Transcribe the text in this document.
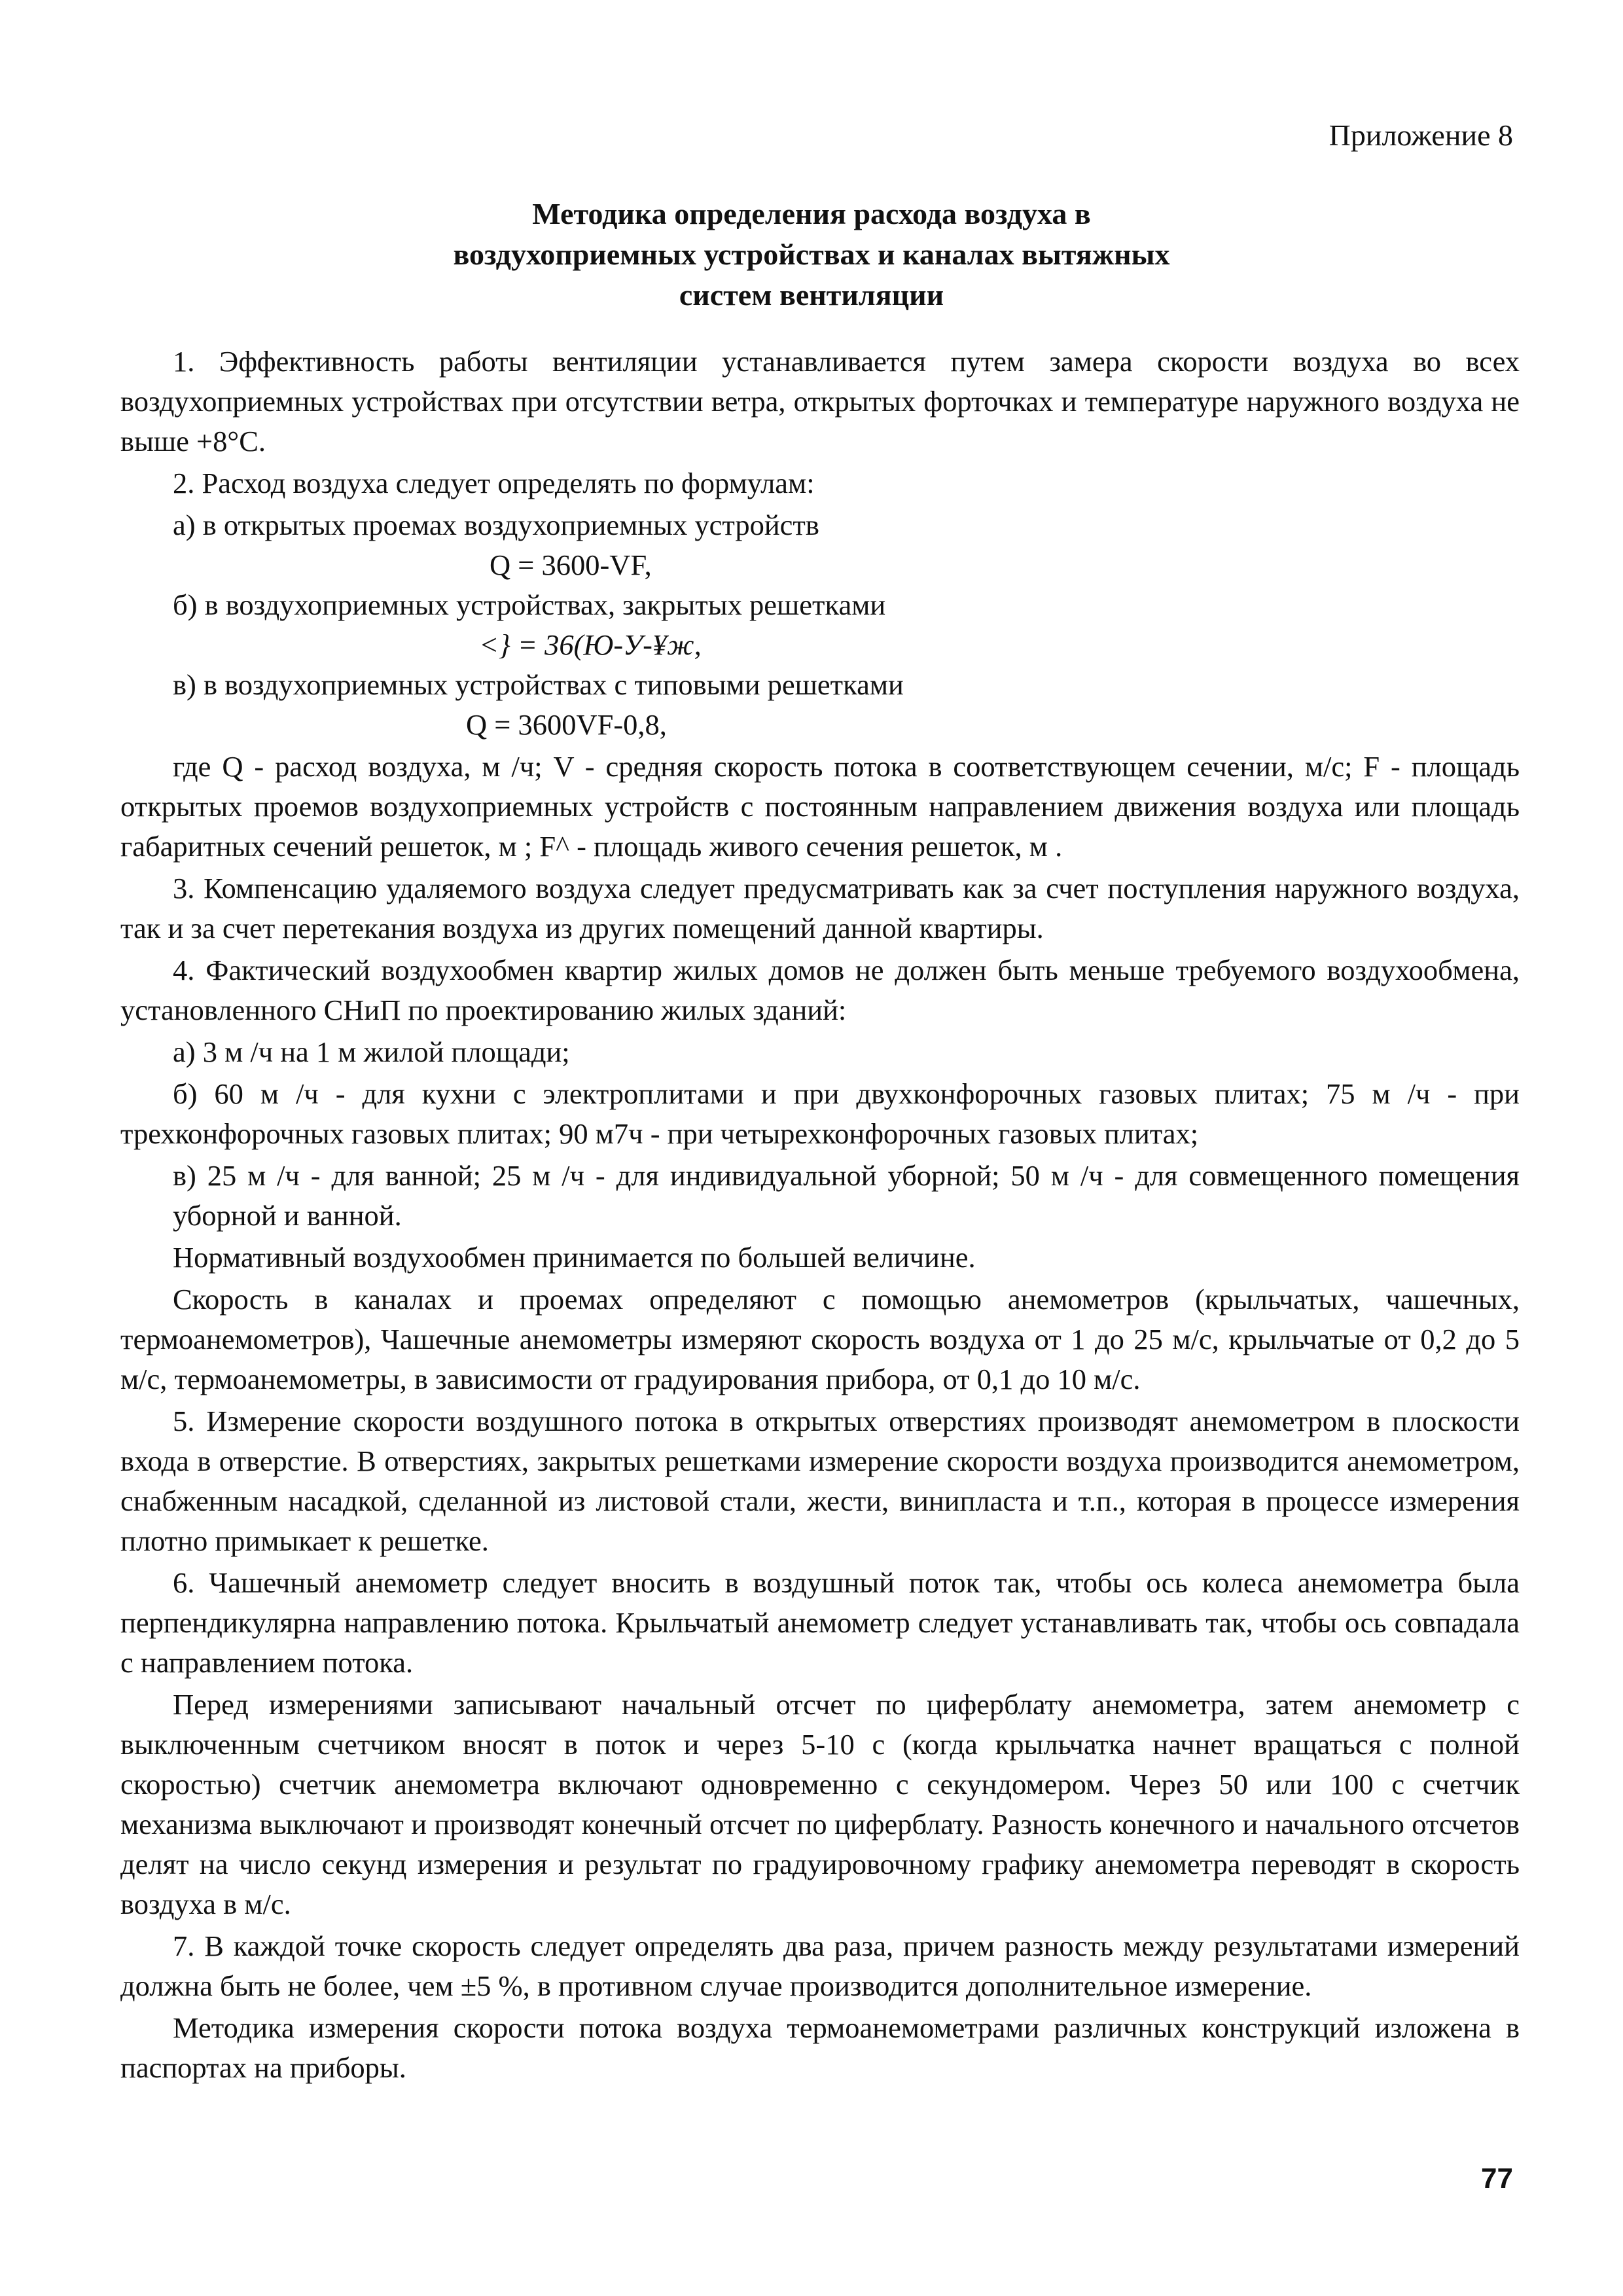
Приложение 8

Методика определения расхода воздуха в
воздухоприемных устройствах и каналах вытяжных
систем вентиляции

1. Эффективность работы вентиляции устанавливается путем замера скорости воздуха во всех воздухоприемных устройствах при отсутствии ветра, открытых форточках и температуре наружного воздуха не выше +8°С.

2. Расход воздуха следует определять по формулам:

а) в открытых проемах воздухоприемных устройств

Q = 3600-VF,

б) в воздухоприемных устройствах, закрытых решетками

<} = 36(Ю-У-¥ж,

в) в воздухоприемных устройствах с типовыми решетками

Q = 3600VF-0,8,

где Q - расход воздуха, м /ч; V - средняя скорость потока в соответствующем сечении, м/с; F - площадь открытых проемов воздухоприемных устройств с постоянным направлением движения воздуха или площадь габаритных сечений решеток, м ; F^ - площадь живого сечения решеток, м .

3. Компенсацию удаляемого воздуха следует предусматривать как за счет поступления наружного воздуха, так и за счет перетекания воздуха из других помещений данной квартиры.

4. Фактический воздухообмен квартир жилых домов не должен быть меньше требуемого воздухообмена, установленного СНиП по проектированию жилых зданий:

а) 3 м /ч на 1 м жилой площади;

б) 60 м /ч - для кухни с электроплитами и при двухконфорочных газовых плитах; 75 м /ч - при трехконфорочных газовых плитах; 90 м7ч - при четырехконфорочных газовых плитах;

в) 25 м /ч - для ванной; 25 м /ч - для индивидуальной уборной; 50 м /ч - для совмещенного помещения уборной и ванной.

Нормативный воздухообмен принимается по большей величине.

Скорость в каналах и проемах определяют с помощью анемометров (крыльчатых, чашечных, термоанемометров), Чашечные анемометры измеряют скорость воздуха от 1 до 25 м/с, крыльчатые от 0,2 до 5 м/с, термоанемометры, в зависимости от градуирования прибора, от 0,1 до 10 м/с.

5. Измерение скорости воздушного потока в открытых отверстиях производят анемометром в плоскости входа в отверстие. В отверстиях, закрытых решетками измерение скорости воздуха производится анемометром, снабженным насадкой, сделанной из листовой стали, жести, винипласта и т.п., которая в процессе измерения плотно примыкает к решетке.

6. Чашечный анемометр следует вносить в воздушный поток так, чтобы ось колеса анемометра была перпендикулярна направлению потока. Крыльчатый анемометр следует устанавливать так, чтобы ось совпадала с направлением потока.

Перед измерениями записывают начальный отсчет по циферблату анемометра, затем анемометр с выключенным счетчиком вносят в поток и через 5-10 с (когда крыльчатка начнет вращаться с полной скоростью) счетчик анемометра включают одновременно с секундомером. Через 50 или 100 с счетчик механизма выключают и производят конечный отсчет по циферблату. Разность конечного и начального отсчетов делят на число секунд измерения и результат по градуировочному графику анемометра переводят в скорость воздуха в м/с.

7. В каждой точке скорость следует определять два раза, причем разность между результатами измерений должна быть не более, чем ±5 %, в противном случае производится дополнительное измерение.

Методика измерения скорости потока воздуха термоанемометрами различных конструкций изложена в паспортах на приборы.

77
